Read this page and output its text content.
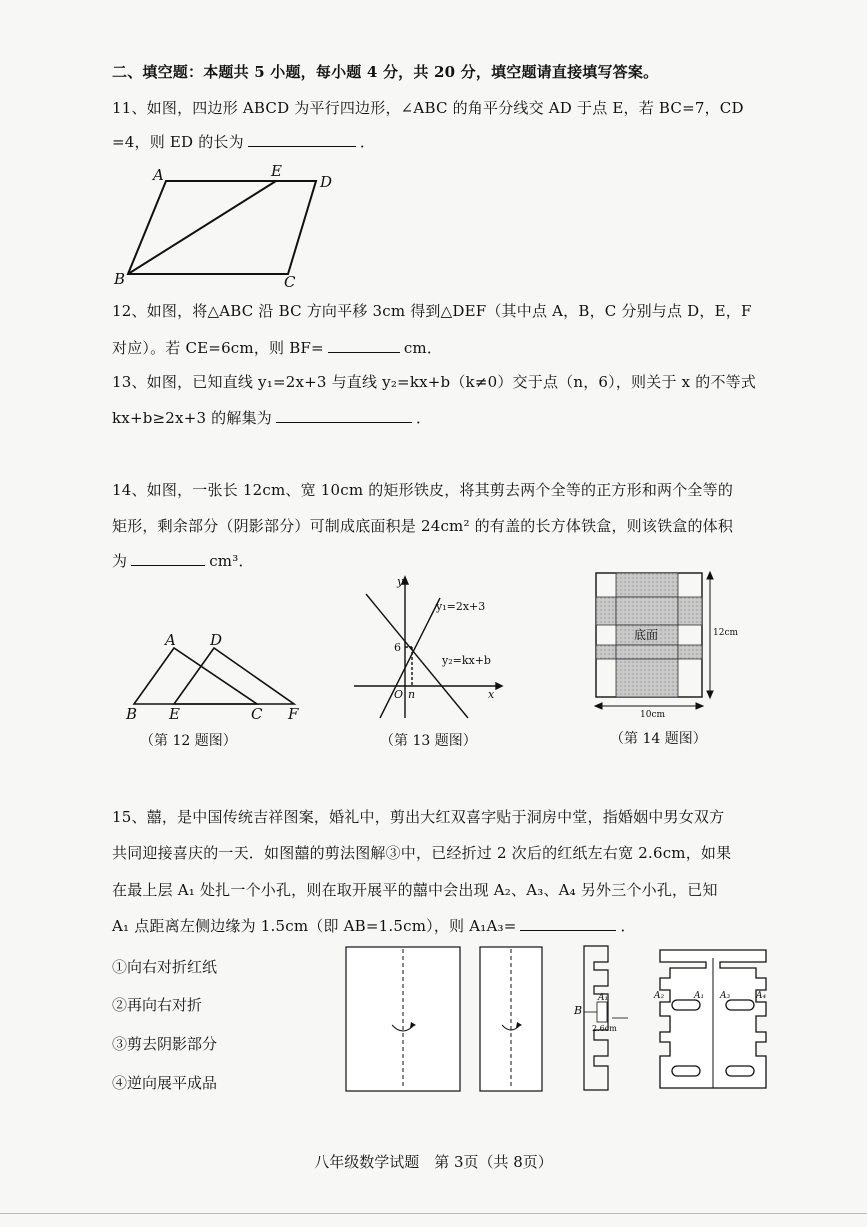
二、填空题：本题共 5 小题，每小题 4 分，共 20 分，填空题请直接填写答案。
11、如图，四边形 ABCD 为平行四边形，∠ABC 的角平分线交 AD 于点 E，若 BC=7，CD
=4，则 ED 的长为	．
A	E
D
B	C
12、如图，将△ABC 沿 BC 方向平移 3cm 得到△DEF（其中点 A，B，C 分别与点 D，E，F
对应）。若 CE=6cm，则 BF=	cm．
13、如图，已知直线 y₁=2x+3 与直线 y₂=kx+b（k≠0）交于点（n，6），则关于 x 的不等式
kx+b≥2x+3 的解集为	．
14、如图，一张长 12cm、宽 10cm 的矩形铁皮，将其剪去两个全等的正方形和两个全等的
矩形，剩余部分（阴影部分）可制成底面积是 24cm² 的有盖的长方体铁盒，则该铁盒的体积
为	cm³．
A D
B E	C F
（第 12 题图）
y
x
O n
6
y₁=2x+3
y₂=kx+b
（第 13 题图）
底面	12cm
10cm
（第 14 题图）
15、囍，是中国传统吉祥图案，婚礼中，剪出大红双喜字贴于洞房中堂，指婚姻中男女双方
共同迎接喜庆的一天．如图囍的剪法图解③中，已经折过 2 次后的红纸左右宽 2.6cm，如果
在最上层 A₁ 处扎一个小孔，则在取开展平的囍中会出现 A₂、A₃、A₄ 另外三个小孔，已知
A₁ 点距离左侧边缘为 1.5cm（即 AB=1.5cm），则 A₁A₃=	．
①向右对折红纸
②再向右对折
③剪去阴影部分
④逆向展平成品
B
A₁
2.6cm
A₂	A₁ A₃	A₄
八年级数学试题　第 3页（共 8页）
